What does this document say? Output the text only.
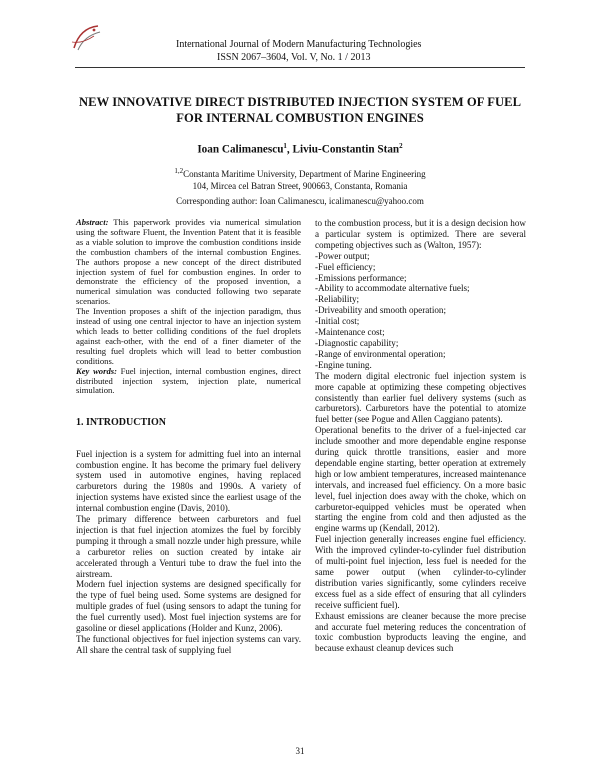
International Journal of Modern Manufacturing Technologies
ISSN 2067–3604, Vol. V, No. 1 / 2013
NEW INNOVATIVE DIRECT DISTRIBUTED INJECTION SYSTEM OF FUEL FOR INTERNAL COMBUSTION ENGINES
Ioan Calimanescu$^1$, Liviu-Constantin Stan$^2$
$^{1,2}$Constanta Maritime University, Department of Marine Engineering
104, Mircea cel Batran Street, 900663, Constanta, Romania
Corresponding author: Ioan Calimanescu, icalimanescu@yahoo.com

Abstract: This paperwork provides via numerical simulation using the software Fluent, the Invention Patent that it is feasible as a viable solution to improve the combustion conditions inside the combustion chambers of the internal combustion Engines. The authors propose a new concept of the direct distributed injection system of fuel for combustion engines. In order to demonstrate the efficiency of the proposed invention, a numerical simulation was conducted following two separate scenarios.

The Invention proposes a shift of the injection paradigm, thus instead of using one central injector to have an injection system which leads to better colliding conditions of the fuel droplets against each-other, with the end of a finer diameter of the resulting fuel droplets which will lead to better combustion conditions.

Key words: Fuel injection, internal combustion engines, direct distributed injection system, injection plate, numerical simulation.

1. INTRODUCTION

Fuel injection is a system for admitting fuel into an internal combustion engine. It has become the primary fuel delivery system used in automotive engines, having replaced carburetors during the 1980s and 1990s. A variety of injection systems have existed since the earliest usage of the internal combustion engine (Davis, 2010).

The primary difference between carburetors and fuel injection is that fuel injection atomizes the fuel by forcibly pumping it through a small nozzle under high pressure, while a carburetor relies on suction created by intake air accelerated through a Venturi tube to draw the fuel into the airstream.

Modern fuel injection systems are designed specifically for the type of fuel being used. Some systems are designed for multiple grades of fuel (using sensors to adapt the tuning for the fuel currently used). Most fuel injection systems are for gasoline or diesel applications (Holder and Kunz, 2006).

The functional objectives for fuel injection systems can vary. All share the central task of supplying fuel

to the combustion process, but it is a design decision how a particular system is optimized. There are several competing objectives such as (Walton, 1957):

-Power output;
-Fuel efficiency;
-Emissions performance;
-Ability to accommodate alternative fuels;
-Reliability;
-Driveability and smooth operation;
-Initial cost;
-Maintenance cost;
-Diagnostic capability;
-Range of environmental operation;
-Engine tuning.

The modern digital electronic fuel injection system is more capable at optimizing these competing objectives consistently than earlier fuel delivery systems (such as carburetors). Carburetors have the potential to atomize fuel better (see Pogue and Allen Caggiano patents).

Operational benefits to the driver of a fuel-injected car include smoother and more dependable engine response during quick throttle transitions, easier and more dependable engine starting, better operation at extremely high or low ambient temperatures, increased maintenance intervals, and increased fuel efficiency. On a more basic level, fuel injection does away with the choke, which on carburetor-equipped vehicles must be operated when starting the engine from cold and then adjusted as the engine warms up (Kendall, 2012).

Fuel injection generally increases engine fuel efficiency. With the improved cylinder-to-cylinder fuel distribution of multi-point fuel injection, less fuel is needed for the same power output (when cylinder-to-cylinder distribution varies significantly, some cylinders receive excess fuel as a side effect of ensuring that all cylinders receive sufficient fuel).

Exhaust emissions are cleaner because the more precise and accurate fuel metering reduces the concentration of toxic combustion byproducts leaving the engine, and because exhaust cleanup devices such

31
